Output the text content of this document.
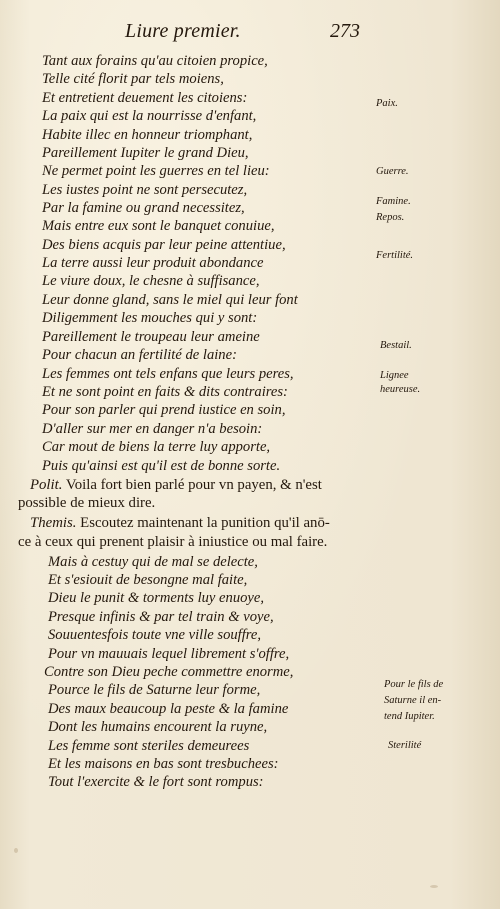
Liure premier.	273
Tant aux forains qu'au citoien propice,
Telle cité florit par tels moiens,
Et entretient deuement les citoiens:
La paix qui est la nourrisse d'enfant,
Habite illec en honneur triomphant,
Pareillement Iupiter le grand Dieu,
Ne permet point les guerres en tel lieu:
Les iustes point ne sont persecutez,
Par la famine ou grand necessitez,
Mais entre eux sont le banquet conuiue,
Des biens acquis par leur peine attentiue,
La terre aussi leur produit abondance
Le viure doux, le chesne à suffisance,
Leur donne gland, sans le miel qui leur font
Diligemment les mouches qui y sont:
Pareillement le troupeau leur ameine
Pour chacun an fertilité de laine:
Les femmes ont tels enfans que leurs peres,
Et ne sont point en faits & dits contraires:
Pour son parler qui prend iustice en soin,
D'aller sur mer en danger n'a besoin:
Car mout de biens la terre luy apporte,
Puis qu'ainsi est qu'il est de bonne sorte.
Polit. Voila fort bien parlé pour vn payen, & n'est
possible de mieux dire.
Themis. Escoutez maintenant la punition qu'il anō-
ce à ceux qui prenent plaisir à iniustice ou mal faire.
Mais à cestuy qui de mal se delecte,
Et s'esiouit de besongne mal faite,
Dieu le punit & torments luy enuoye,
Presque infinis & par tel train & voye,
Souuentesfois toute vne ville souffre,
Pour vn mauuais lequel librement s'offre,
Contre son Dieu peche commettre enorme,
Pource le fils de Saturne leur forme,
Des maux beaucoup la peste & la famine
Dont les humains encourent la ruyne,
Les femme sont steriles demeurees
Et les maisons en bas sont tresbuchees:
Tout l'exercite & le fort sont rompus:
Paix.
Guerre.
Famine.
Repos.
Fertilité.
Bestail.
Lignee
heureuse.
Pour le fils de
Saturne il en-
tend Iupiter.
Sterilité
